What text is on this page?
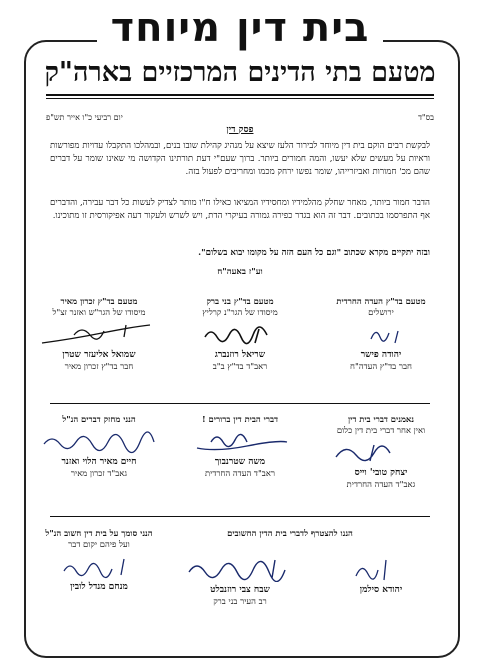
בית דין מיוחד
מטעם בתי הדינים המרכזיים בארה"ק
בס"ד
יום רביעי כ"ו אייר תש"פ
פסק דין
לבקשת רבים הוקם בית דין מיוחד לבירור הלעז שיצא על מנהיג קהילת שובו בנים, ובמהלכו התקבלו עדויות מפורשות וראיות על מעשים שלא יעשו, והמה חמורים ביותר. ברוך שעם"י דעת תורתינו הקדושה מי שאינו שומר על דברים שהם מכ' חמורות ואביזרייהו, שומר נפשו ירחק מכמו ומחריבים לפעול בזה.
הדבר חמור ביותר, מאחר שחלק מהלמידיו ומחסידיו המציאו כאילו ח"ו מותר לצדיק לעשות כל דבר עבירה, והדברים אף התפרסמו בכתובים. דבר זה הוא בגדר כפירה גמורה בעיקרי הדת, ויש לשרש ולעקור דעה אפיקורסית זו מתוכינו.
ובזה יתקיים מקרא שכתוב "וגם כל העם הזה על מקומו יבוא בשלום".
וע"ז באעה"ח
מטעם בד"ץ העדה החרדית
ירושלים
יהודה פישר
חבר בד"ץ העדה"ח
מטעם בד"ץ בני ברק
מיסודו של הגר"נ קרליץ
שריאל רוזנברג
ראב"ד בד"ץ ב"ב
מטעם בד"ץ זכרון מאיר
מיסודו של הגר"ש ואזנר זצ"ל
שמואל אליעזר שטרן
חבר בד"ץ זכרון מאיר
נאמנים דברי בית דין
ואין אחר דברי בית דין כלום
יצחק טובי' וייס
גאב"ד העדה החרדית
דברי הבית דין ברורים !
משה שטרנבוך
ראב"ד העדה החרדית
הנני מחזק דברים הנ"ל
חיים מאיר הלוי ואזנר
גאב"ד זכרון מאיר
הננו להצטרף לדברי בית הדין החשובים
הנני סומך על בית דין חשוב הנ"ל
ועל פיהם יקום דבר
מנחם מנדל לובין	שבח צבי רוזנבלט
רב העיר בני ברק
יהודא סילמן
